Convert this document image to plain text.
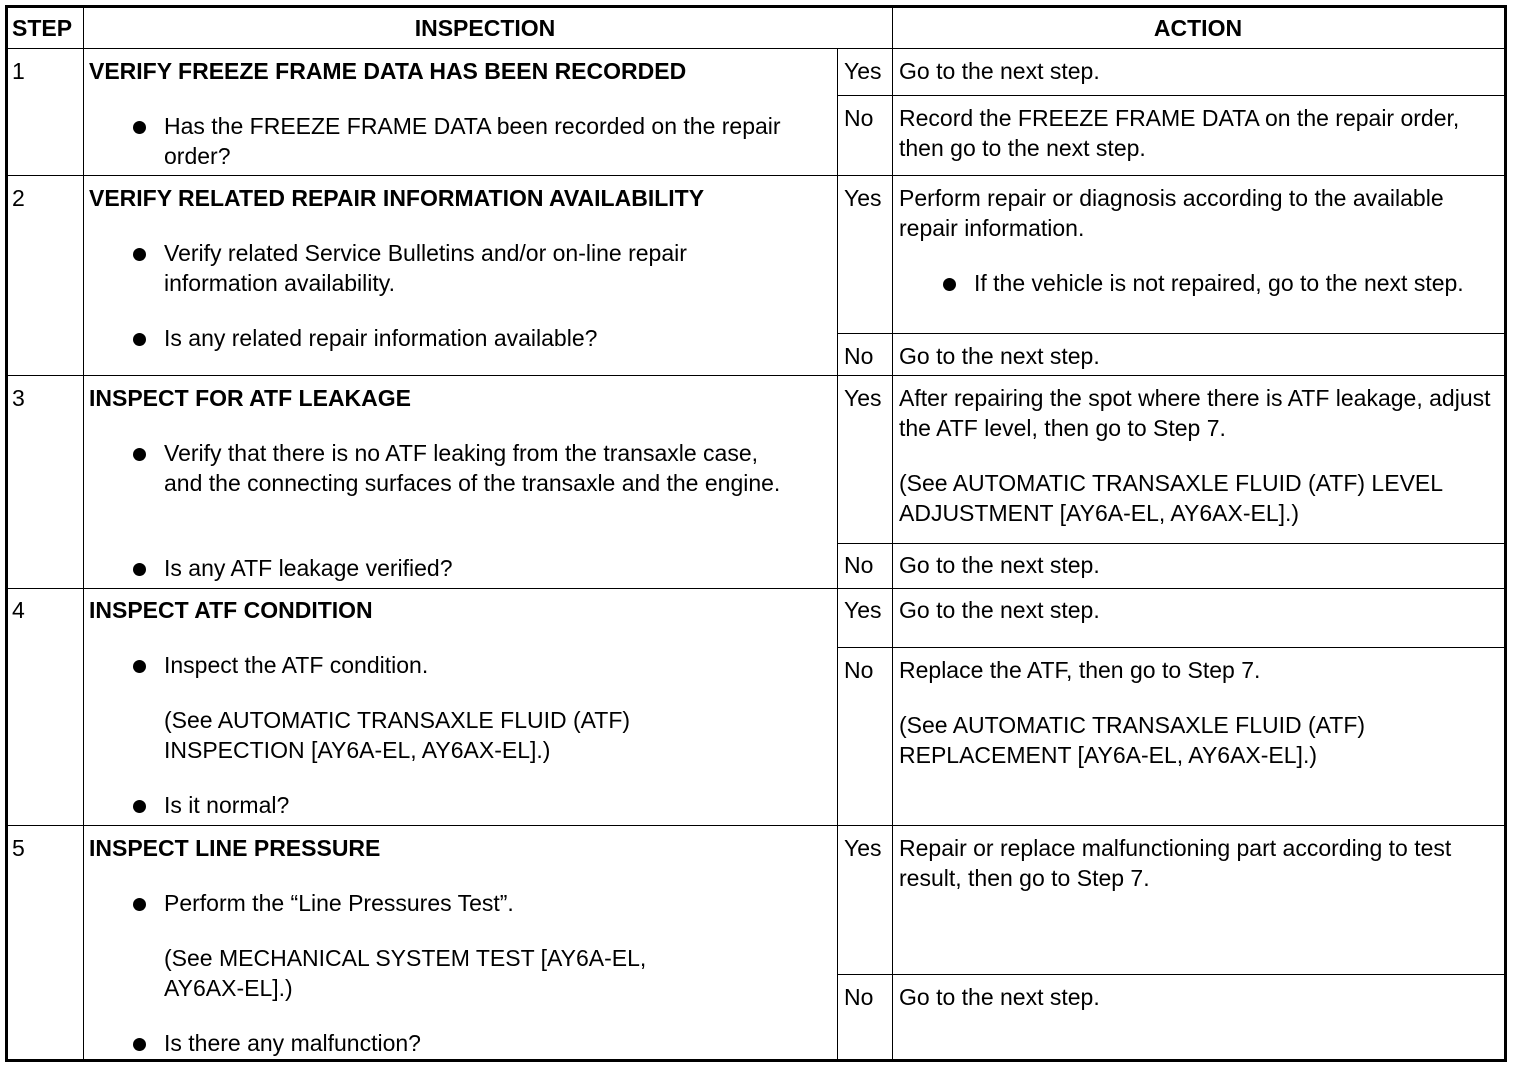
STEP	INSPECTION	ACTION
1	VERIFY FREEZE FRAME DATA HAS BEEN RECORDED
Has the FREEZE FRAME DATA been recorded on the repair order?
Yes Go to the next step.
No Record the FREEZE FRAME DATA on the repair order, then go to the next step.
2	VERIFY RELATED REPAIR INFORMATION AVAILABILITY
Verify related Service Bulletins and/or on-line repair information availability.
Is any related repair information available?
Yes Perform repair or diagnosis according to the available repair information.
If the vehicle is not repaired, go to the next step.
No Go to the next step.
3	INSPECT FOR ATF LEAKAGE
Verify that there is no ATF leaking from the transaxle case, and the connecting surfaces of the transaxle and the engine.
Is any ATF leakage verified?
Yes After repairing the spot where there is ATF leakage, adjust the ATF level, then go to Step 7.
(See AUTOMATIC TRANSAXLE FLUID (ATF) LEVEL ADJUSTMENT [AY6A-EL, AY6AX-EL].)
No Go to the next step.
4	INSPECT ATF CONDITION
Inspect the ATF condition.
(See AUTOMATIC TRANSAXLE FLUID (ATF) INSPECTION [AY6A-EL, AY6AX-EL].)
Is it normal?
Yes Go to the next step.
No Replace the ATF, then go to Step 7.
(See AUTOMATIC TRANSAXLE FLUID (ATF) REPLACEMENT [AY6A-EL, AY6AX-EL].)
5	INSPECT LINE PRESSURE
Perform the “Line Pressures Test”.
(See MECHANICAL SYSTEM TEST [AY6A-EL, AY6AX-EL].)
Is there any malfunction?
Yes Repair or replace malfunctioning part according to test result, then go to Step 7.
No Go to the next step.
